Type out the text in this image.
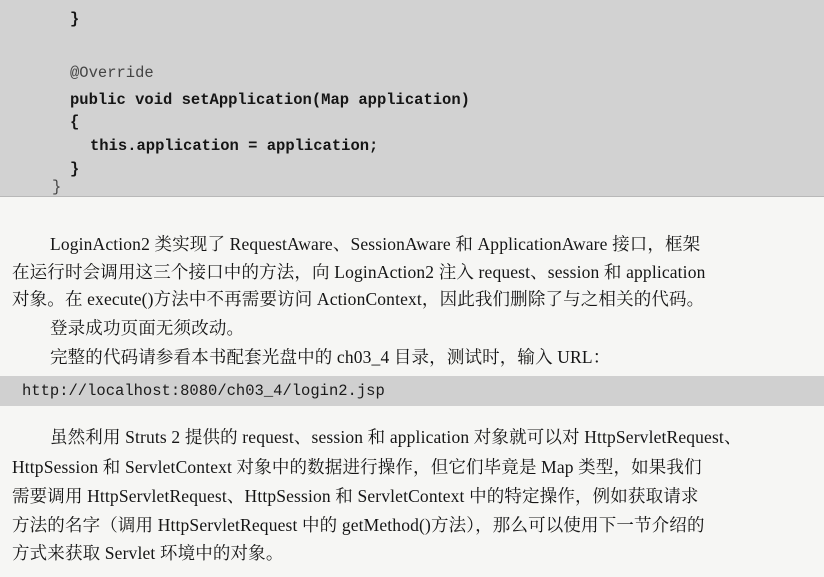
}
@Override
public void setApplication(Map application)
{
this.application = application;
}
}
LoginAction2 类实现了 RequestAware、SessionAware 和 ApplicationAware 接口，框架
在运行时会调用这三个接口中的方法，向 LoginAction2 注入 request、session 和 application
对象。在 execute()方法中不再需要访问 ActionContext，因此我们删除了与之相关的代码。
登录成功页面无须改动。
完整的代码请参看本书配套光盘中的 ch03_4 目录，测试时，输入 URL：
http://localhost:8080/ch03_4/login2.jsp
虽然利用 Struts 2 提供的 request、session 和 application 对象就可以对 HttpServletRequest、
HttpSession 和 ServletContext 对象中的数据进行操作，但它们毕竟是 Map 类型，如果我们
需要调用 HttpServletRequest、HttpSession 和 ServletContext 中的特定操作，例如获取请求
方法的名字（调用 HttpServletRequest 中的 getMethod()方法），那么可以使用下一节介绍的
方式来获取 Servlet 环境中的对象。
